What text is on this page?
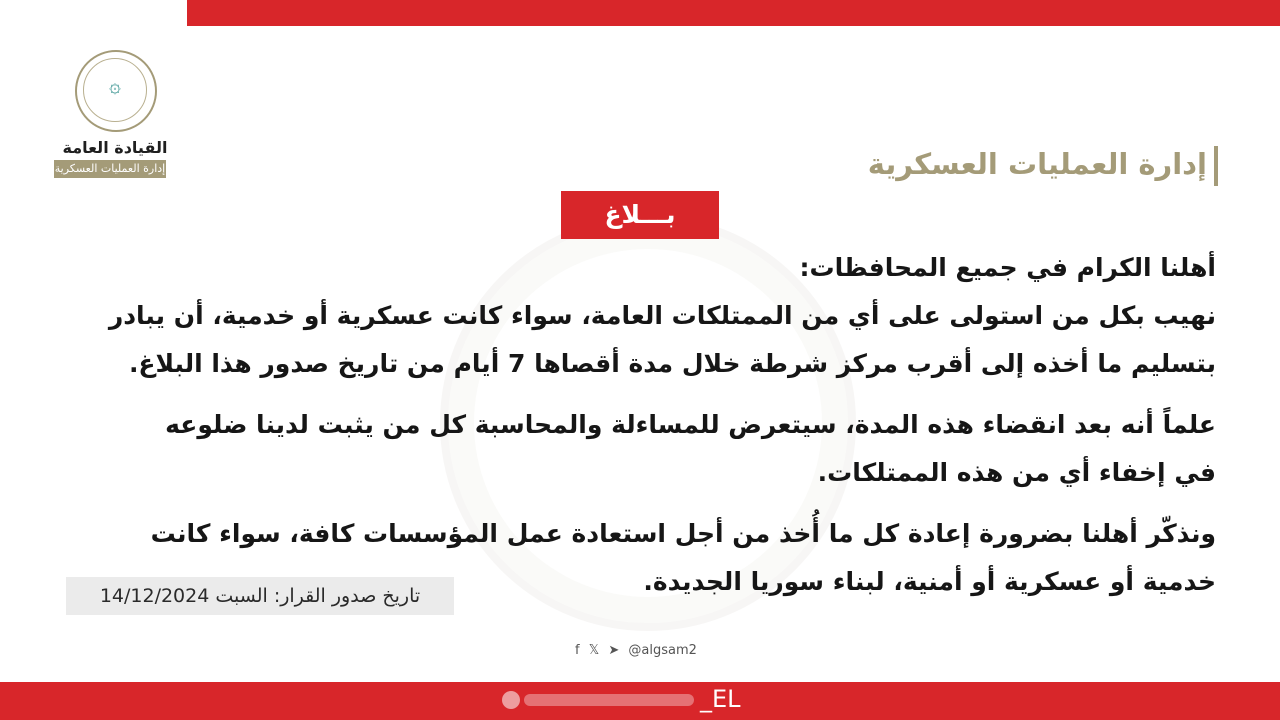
۞
القيادة العامة
إدارة العمليات العسكرية	إدارة العمليات العسكرية
بـــلاغ

أهلنا الكرام في جميع المحافظات:

نهيب بكل من استولى على أي من الممتلكات العامة، سواء كانت عسكرية أو خدمية، أن يبادر

بتسليم ما أخذه إلى أقرب مركز شرطة خلال مدة أقصاها 7 أيام من تاريخ صدور هذا البلاغ.

علماً أنه بعد انقضاء هذه المدة، سيتعرض للمساءلة والمحاسبة كل من يثبت لدينا ضلوعه

في إخفاء أي من هذه الممتلكات.

ونذكّر أهلنا بضرورة إعادة كل ما أُخذ من أجل استعادة عمل المؤسسات كافة، سواء كانت

خدمية أو عسكرية أو أمنية، لبناء سوريا الجديدة.

تاريخ صدور القرار: السبت 14/12/2024
f 𝕏 ➤ @algsam2
_EL
